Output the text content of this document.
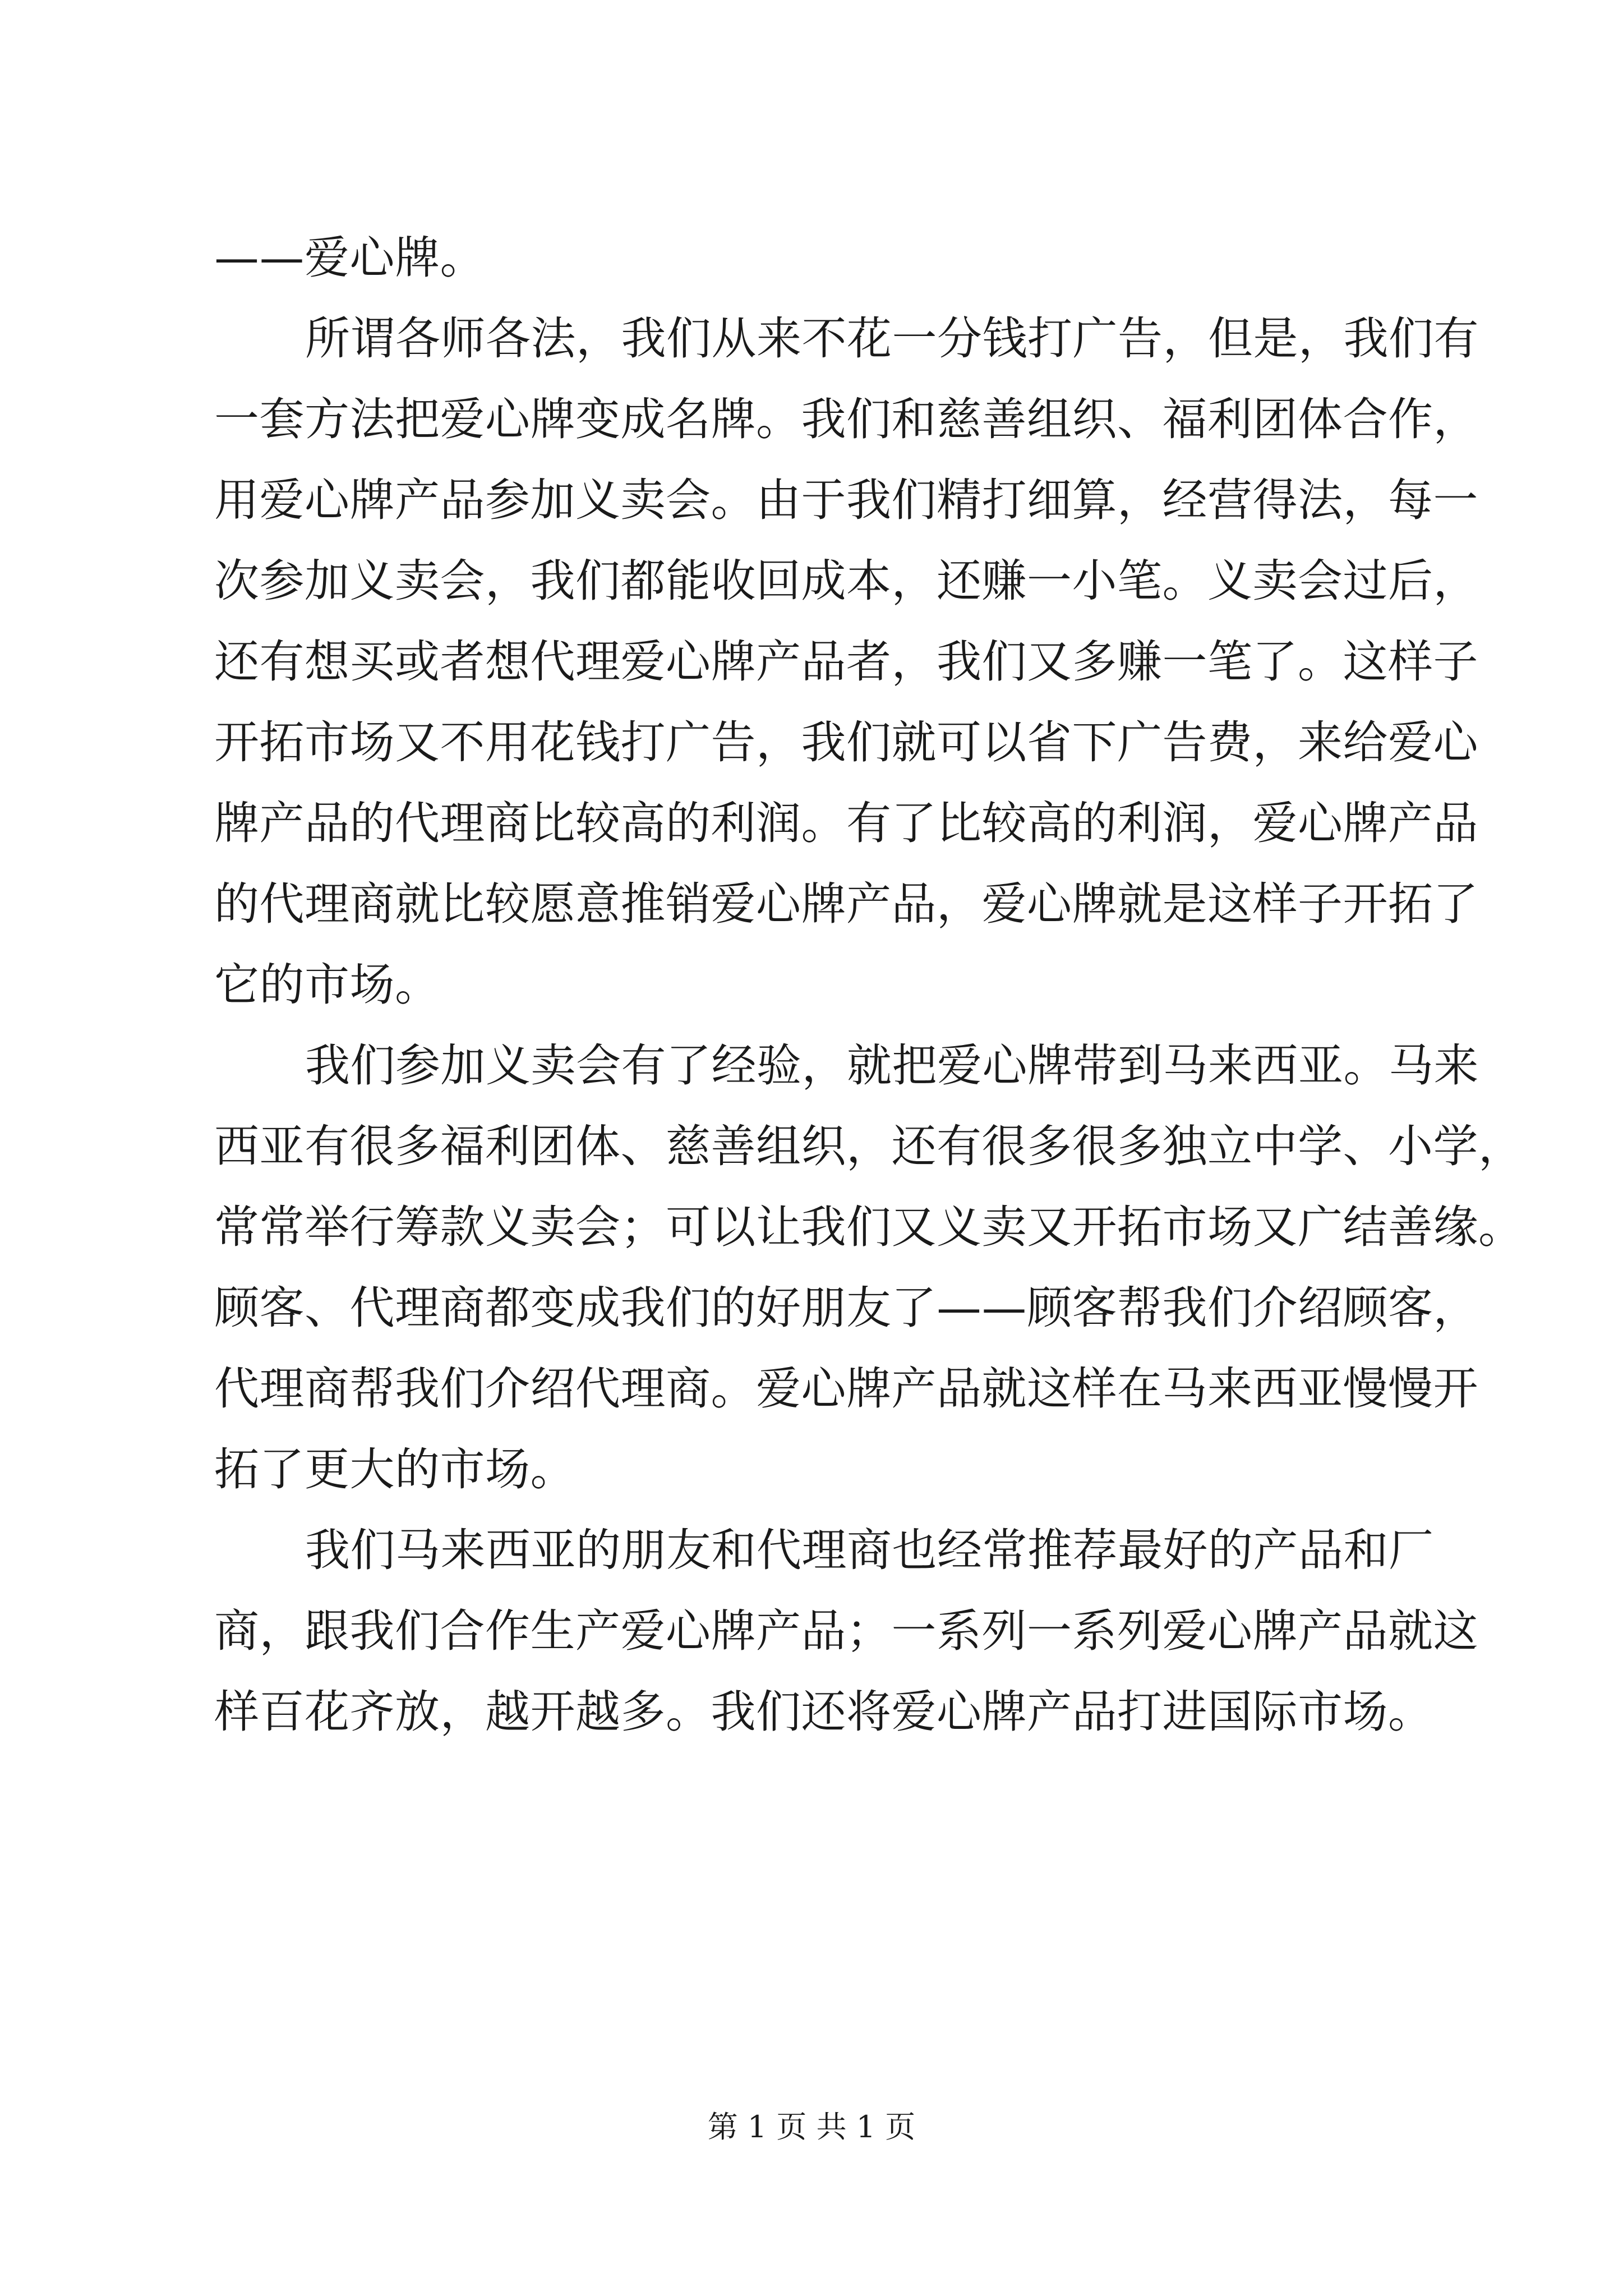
——爱心牌。

所谓各师各法，我们从来不花一分钱打广告，但是，我们有

一套方法把爱心牌变成名牌。我们和慈善组织、福利团体合作，

用爱心牌产品参加义卖会。由于我们精打细算，经营得法，每一

次参加义卖会，我们都能收回成本，还赚一小笔。义卖会过后，

还有想买或者想代理爱心牌产品者，我们又多赚一笔了。这样子

开拓市场又不用花钱打广告，我们就可以省下广告费，来给爱心

牌产品的代理商比较高的利润。有了比较高的利润，爱心牌产品

的代理商就比较愿意推销爱心牌产品，爱心牌就是这样子开拓了

它的市场。

我们参加义卖会有了经验，就把爱心牌带到马来西亚。马来

西亚有很多福利团体、慈善组织，还有很多很多独立中学、小学，

常常举行筹款义卖会；可以让我们又义卖又开拓市场又广结善缘。

顾客、代理商都变成我们的好朋友了——顾客帮我们介绍顾客，

代理商帮我们介绍代理商。爱心牌产品就这样在马来西亚慢慢开

拓了更大的市场。

我们马来西亚的朋友和代理商也经常推荐最好的产品和厂

商，跟我们合作生产爱心牌产品；一系列一系列爱心牌产品就这

样百花齐放，越开越多。我们还将爱心牌产品打进国际市场。

第 1 页 共 1 页
